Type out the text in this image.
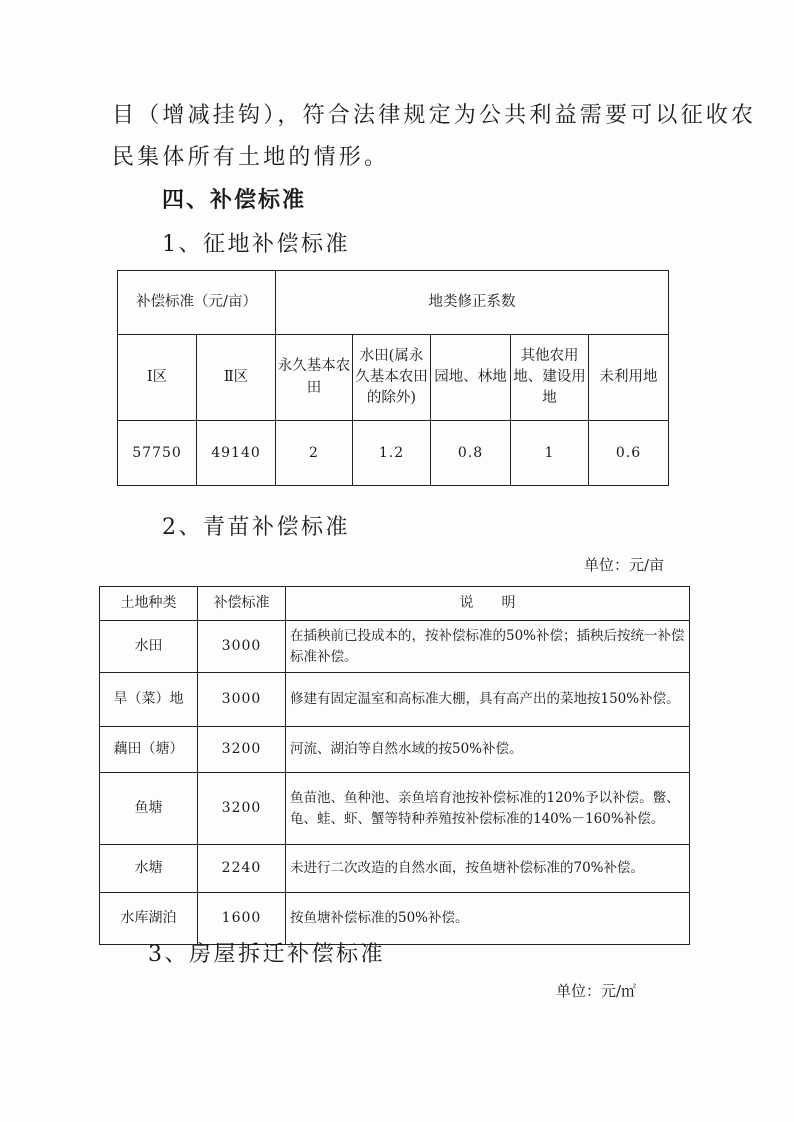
目（增减挂钩），符合法律规定为公共利益需要可以征收农
民集体所有土地的情形。
四、补偿标准
1、征地补偿标准
补偿标准（元/亩）		地类修正系数				
Ⅰ区	Ⅱ区	永久基本农田	水田(属永久基本农田的除外)	园地、林地	其他农用地、建设用地	未利用地
57750	49140	2	1.2	0.8	1	0.6
2、青苗补偿标准
单位：元/亩
土地种类	补偿标准	说　　明
水田	3000	在插秧前已投成本的，按补偿标准的50%补偿；插秧后按统一补偿标准补偿。
旱（菜）地	3000	修建有固定温室和高标准大棚，具有高产出的菜地按150%补偿。
藕田（塘）	3200	河流、湖泊等自然水域的按50%补偿。
鱼塘	3200	鱼苗池、鱼种池、亲鱼培育池按补偿标准的120%予以补偿。鳖、龟、蛙、虾、蟹等特种养殖按补偿标准的140%－160%补偿。
水塘	2240	未进行二次改造的自然水面，按鱼塘补偿标准的70%补偿。
水库湖泊	1600	按鱼塘补偿标准的50%补偿。
3、房屋拆迁补偿标准
单位：元/㎡
